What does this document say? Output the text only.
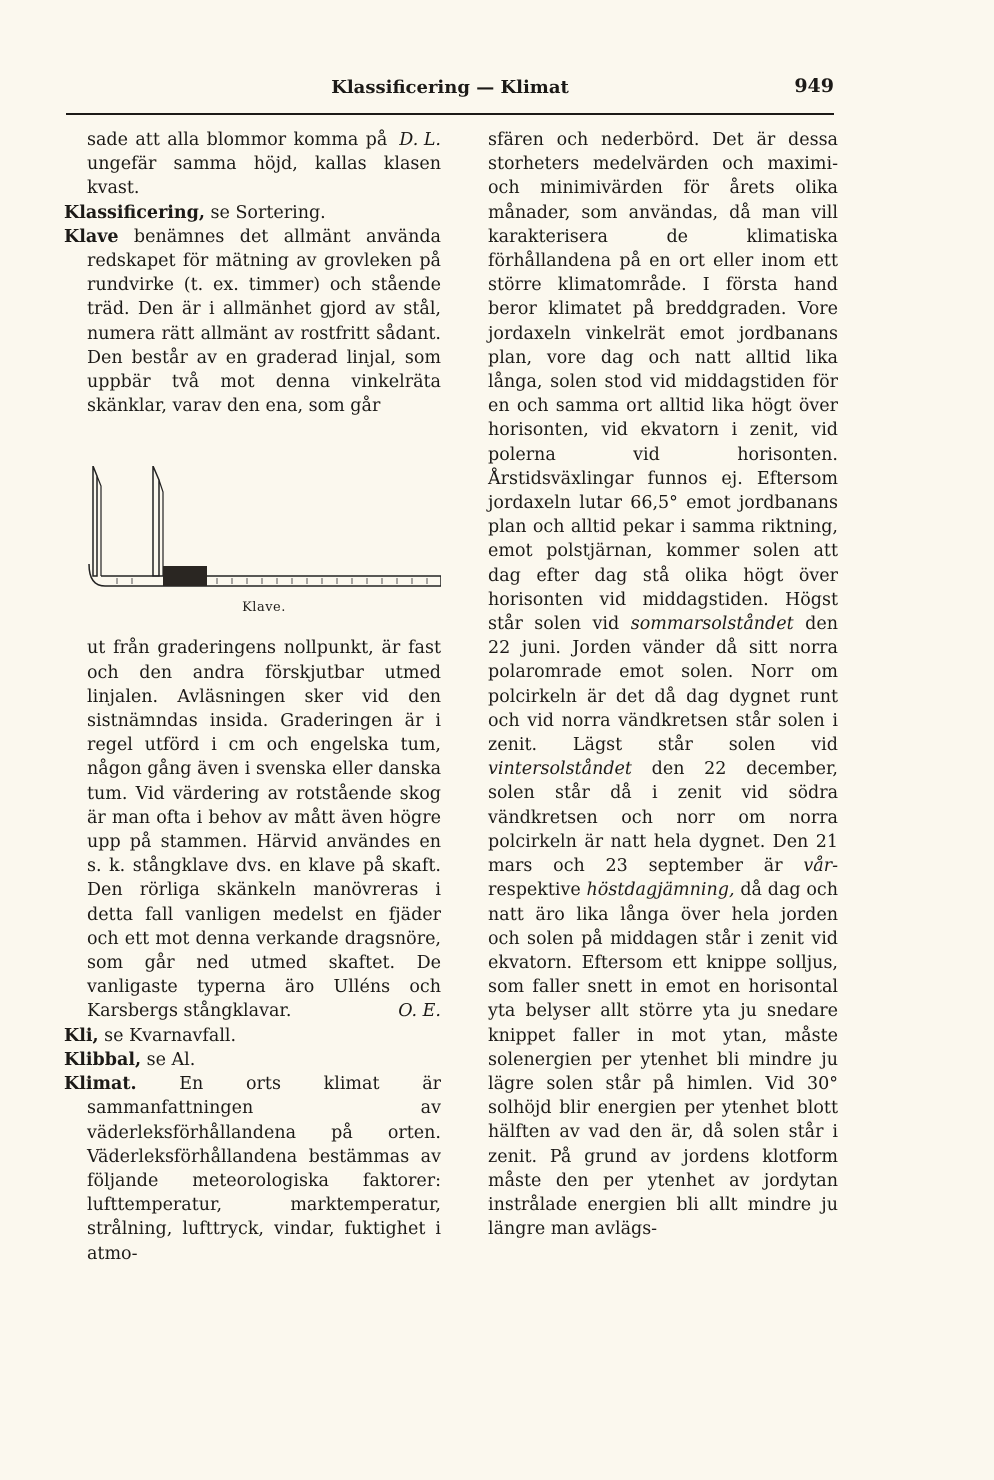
Klassificering — Klimat	949

D. L.
sade att alla blommor komma på ungefär samma höjd, kallas klasen kvast.

Klassificering, se Sortering.

Klave benämnes det allmänt använda redskapet för mätning av grovleken på rundvirke (t. ex. timmer) och stående träd. Den är i allmänhet gjord av stål, numera rätt allmänt av rostfritt sådant. Den består av en graderad linjal, som uppbär två mot denna vinkelräta skänklar, varav den ena, som går

Klave.

ut från graderingens nollpunkt, är fast och den andra förskjutbar utmed linjalen. Avläsningen sker vid den sistnämndas insida. Graderingen är i regel utförd i cm och engelska tum, någon gång även i svenska eller danska tum. Vid värdering av rotstående skog är man ofta i behov av mått även högre upp på stammen. Härvid användes en s. k. stångklave dvs. en klave på skaft. Den rörliga skänkeln manövreras i detta fall vanligen medelst en fjäder och ett mot denna verkande dragsnöre, som går ned utmed skaftet. De vanligaste typerna äro Ulléns och Karsbergs stångklavar.	O. E.

Kli, se Kvarnavfall.

Klibbal, se Al.

Klimat. En orts klimat är sammanfattningen av väderleksförhållandena på orten. Väderleksförhållandena bestämmas av följande meteorologiska faktorer: lufttemperatur, marktemperatur, strålning, lufttryck, vindar, fuktighet i atmo-

sfären och nederbörd. Det är dessa storheters medelvärden och maximi- och minimivärden för årets olika månader, som användas, då man vill karakterisera de klimatiska förhållandena på en ort eller inom ett större klimatområde. I första hand beror klimatet på breddgraden. Vore jordaxeln vinkelrät emot jordbanans plan, vore dag och natt alltid lika långa, solen stod vid middagstiden för en och samma ort alltid lika högt över horisonten, vid ekvatorn i zenit, vid polerna vid horisonten. Årstidsväxlingar funnos ej. Eftersom jordaxeln lutar 66,5° emot jordbanans plan och alltid pekar i samma riktning, emot polstjärnan, kommer solen att dag efter dag stå olika högt över horisonten vid middagstiden. Högst står solen vid sommarsolståndet den 22 juni. Jorden vänder då sitt norra polaromrade emot solen. Norr om polcirkeln är det då dag dygnet runt och vid norra vändkretsen står solen i zenit. Lägst står solen vid vintersolståndet den 22 december, solen står då i zenit vid södra vändkretsen och norr om norra polcirkeln är natt hela dygnet. Den 21 mars och 23 september är vår- respektive höstdagjämning, då dag och natt äro lika långa över hela jorden och solen på middagen står i zenit vid ekvatorn. Eftersom ett knippe solljus, som faller snett in emot en horisontal yta belyser allt större yta ju snedare knippet faller in mot ytan, måste solenergien per ytenhet bli mindre ju lägre solen står på himlen. Vid 30° solhöjd blir energien per ytenhet blott hälften av vad den är, då solen står i zenit. På grund av jordens klotform måste den per ytenhet av jordytan instrålade energien bli allt mindre ju längre man avlägs-
